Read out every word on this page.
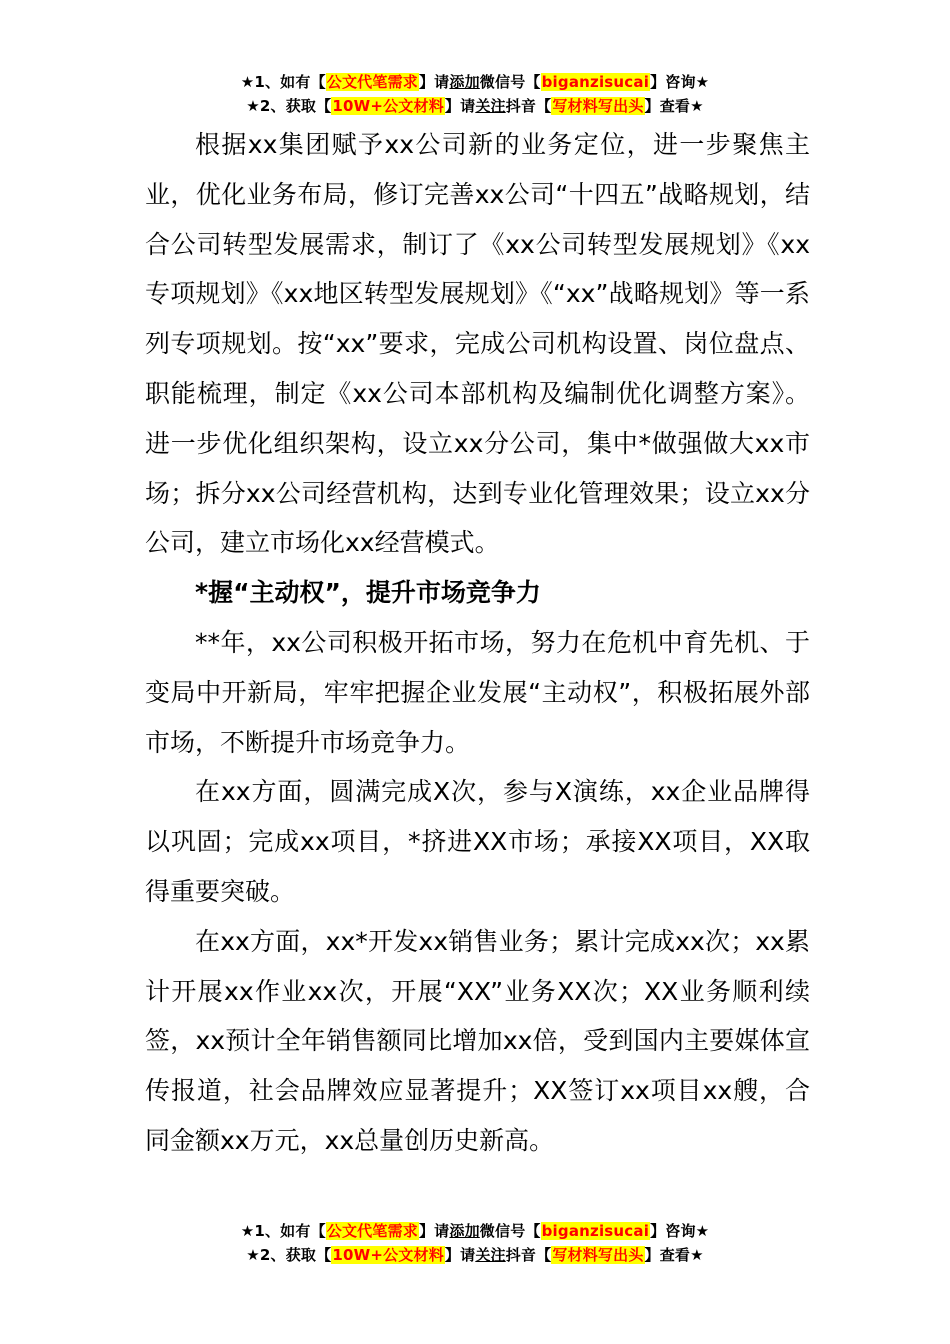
★1、如有【公文代笔需求】请添加微信号【biganzisucai】咨询★
★2、获取【10W+公文材料】请关注抖音【写材料写出头】查看★

根据xx集团赋予xx公司新的业务定位，进一步聚焦主业，优化业务布局，修订完善xx公司“十四五”战略规划，结合公司转型发展需求，制订了《xx公司转型发展规划》《xx专项规划》《xx地区转型发展规划》《“xx”战略规划》等一系列专项规划。按“xx”要求，完成公司机构设置、岗位盘点、职能梳理，制定《xx公司本部机构及编制优化调整方案》。进一步优化组织架构，设立xx分公司，集中*做强做大xx市场；拆分xx公司经营机构，达到专业化管理效果；设立xx分公司，建立市场化xx经营模式。

*握“主动权”，提升市场竞争力

**年，xx公司积极开拓市场，努力在危机中育先机、于变局中开新局，牢牢把握企业发展“主动权”，积极拓展外部市场，不断提升市场竞争力。

在xx方面，圆满完成X次，参与X演练，xx企业品牌得以巩固；完成xx项目，*挤进XX市场；承接XX项目，XX取得重要突破。

在xx方面，xx*开发xx销售业务；累计完成xx次；xx累计开展xx作业xx次，开展“XX”业务XX次；XX业务顺利续签，xx预计全年销售额同比增加xx倍，受到国内主要媒体宣传报道，社会品牌效应显著提升；XX签订xx项目xx艘，合同金额xx万元，xx总量创历史新高。

★1、如有【公文代笔需求】请添加微信号【biganzisucai】咨询★
★2、获取【10W+公文材料】请关注抖音【写材料写出头】查看★
